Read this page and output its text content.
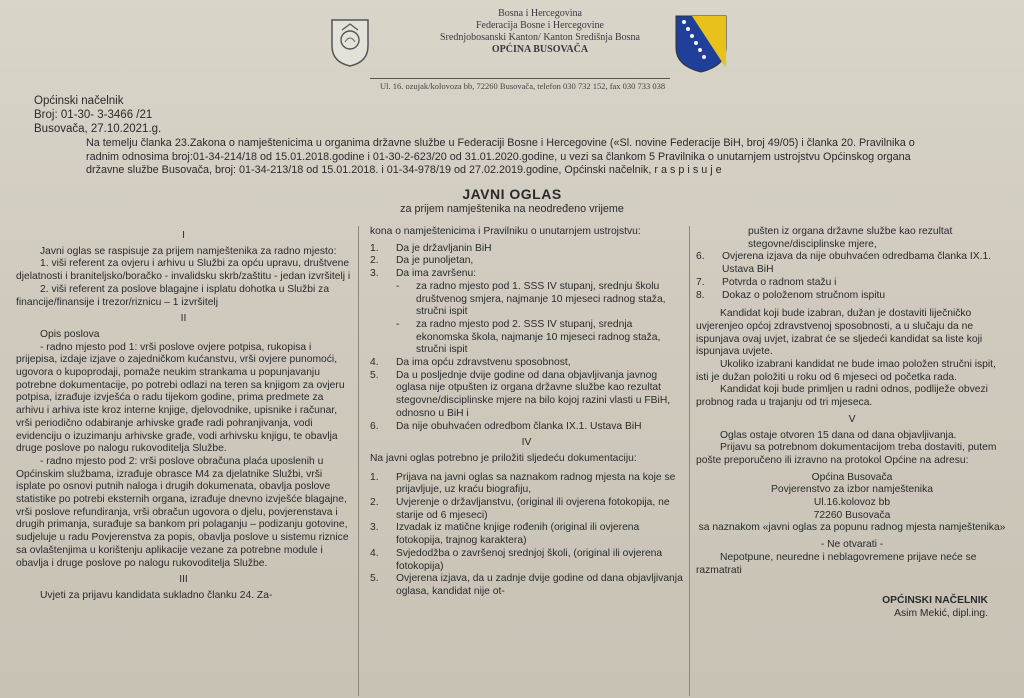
Bosna i Hercegovina
Federacija Bosne i Hercegovine
Srednjobosanski Kanton/ Kanton Središnja Bosna
OPĆINA BUSOVAČA
Ul. 16. ozujak/kolovoza bb, 72260 Busovača, telefon 030 732 152, fax 030 733 038
Općinski načelnik
Broj: 01-30- 3-3466 /21
Busovača, 27.10.2021.g.
Na temelju članka 23.Zakona o namještenicima u organima državne službe u Federaciji Bosne i Hercegovine («Sl. novine Federacije BiH, broj 49/05) i članka 20. Pravilnika o radnim odnosima broj:01-34-214/18 od 15.01.2018.godine i 01-30-2-623/20 od 31.01.2020.godine, u vezi sa člankom 5 Pravilnika o unutarnjem ustrojstvu Općinskog organa državne službe Busovača, broj: 01-34-213/18 od 15.01.2018. i 01-34-978/19 od 27.02.2019.godine, Općinski načelnik, r a s p i s u j e
JAVNI OGLAS
za prijem namještenika na neodređeno vrijeme
I

Javni oglas se raspisuje za prijem namještenika za radno mjesto:

1. viši referent za ovjeru i arhivu u Službi za opću upravu, društvene djelatnosti i braniteljsko/boračko - invalidsku skrb/zaštitu - jedan izvršitelj i

2. viši referent za poslove blagajne i isplatu dohotka u Službi za financije/finansije i trezor/riznicu – 1 izvršitelj

II

Opis poslova

- radno mjesto pod 1: vrši poslove ovjere potpisa, rukopisa i prijepisa, izdaje izjave o zajedničkom kućanstvu, vrši ovjere punomoći, ugovora o kupoprodaji, pomaže neukim strankama u popunjavanju potrebne dokumentacije, po potrebi odlazi na teren sa knjigom za ovjeru potpisa, izrađuje izvješća o radu tijekom godine, prima predmete za arhivu i arhiva iste kroz interne knjige, djelovodnike, upisnike i računar, vrši periodično odabiranje arhivske građe radi pohranjivanja, vodi evidenciju o izuzimanju arhivske građe, vodi arhivsku knjigu, te obavlja druge poslove po nalogu rukovoditelja Službe.

- radno mjesto pod 2: vrši poslove obračuna plaća uposlenih u Općinskim službama, izrađuje obrasce M4 za djelatnike Službi, vrši isplate po osnovi putnih naloga i drugih dokumenata, obavlja poslove statistike po potrebi eksternih organa, izrađuje dnevno izvješće blagajne, vrši poslove refundiranja, vrši obračun ugovora o djelu, povjerenstava i drugih primanja, surađuje sa bankom pri polaganju – podizanju gotovine, sudjeluje u radu Povjerenstva za popis, obavlja poslove u sistemu riznice sa ovlaštenjima u korištenju aplikacije vezane za potrebne module i obavlja i druge poslove po nalogu rukovoditelja Službe.

III

Uvjeti za prijavu kandidata sukladno članku 24. Za-

kona o namještenicima i Pravilniku o unutarnjem ustrojstvu:

1.	Da je državljanin BiH
2.	Da je punoljetan,
3.	Da ima završenu:
-	za radno mjesto pod 1. SSS IV stupanj, srednju školu društvenog smjera, najmanje 10 mjeseci radnog staža, stručni ispit
-	za radno mjesto pod 2. SSS IV stupanj, srednja ekonomska škola, najmanje 10 mjeseci radnog staža, stručni ispit
4.	Da ima opću zdravstvenu sposobnost,
5.	Da u posljednje dvije godine od dana objavljivanja javnog oglasa nije otpušten iz organa državne službe kao rezultat stegovne/disciplinske mjere na bilo kojoj razini vlasti u FBiH, odnosno u BiH i
6.	Da nije obuhvaćen odredbom članka IX.1. Ustava BiH
IV

Na javni oglas potrebno je priložiti sljedeću dokumentaciju:

1.	Prijava na javni oglas sa naznakom radnog mjesta na koje se prijavljuje, uz kraću biografiju,
2.	Uvjerenje o državljanstvu, (original ili ovjerena fotokopija, ne starije od 6 mjeseci)
3.	Izvadak iz matične knjige rođenih (original ili ovjerena fotokopija, trajnog karaktera)
4.	Svjedodžba o završenoj srednjoj školi, (original ili ovjerena fotokopija)
5.	Ovjerena izjava, da u zadnje dvije godine od dana objavljivanja oglasa, kandidat nije ot-

pušten iz organa državne službe kao rezultat stegovne/disciplinske mjere,

6.	Ovjerena izjava da nije obuhvaćen odredbama članka IX.1. Ustava BiH
7.	Potvrda o radnom stažu i
8.	Dokaz o položenom stručnom ispitu

Kandidat koji bude izabran, dužan je dostaviti liječničko uvjerenjeo općoj zdravstvenoj sposobnosti, a u slučaju da ne ispunjava ovaj uvjet, izabrat će se sljedeći kandidat sa liste koji ispunjava uvjete.

Ukoliko izabrani kandidat ne bude imao položen stručni ispit, isti je dužan položiti u roku od 6 mjeseci od početka rada.

Kandidat koji bude primljen u radni odnos, podliježe obvezi probnog rada u trajanju od tri mjeseca.

V

Oglas ostaje otvoren 15 dana od dana objavljivanja.

Prijavu sa potrebnom dokumentacijom treba dostaviti, putem pošte preporučeno ili izravno na protokol Općine na adresu:

Općina Busovača

Povjerenstvo za izbor namještenika

Ul.16.kolovoz bb

72260 Busovača

sa naznakom «javni oglas za popunu radnog mjesta namještenika»

- Ne otvarati -

Nepotpune, neuredne i neblagovremene prijave neće se razmatrati

OPĆINSKI NAČELNIK
Asim Mekić, dipl.ing.
